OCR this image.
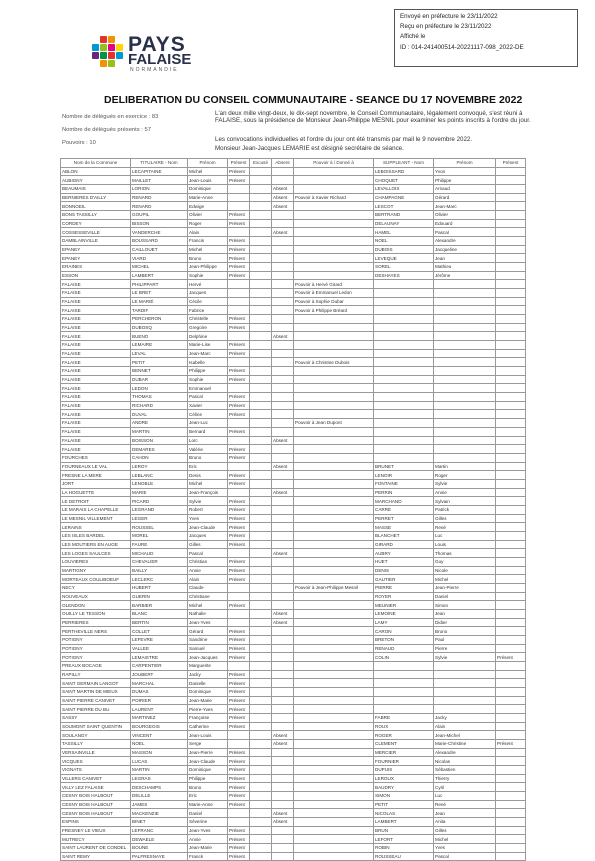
Envoyé en préfecture le 23/11/2022
Reçu en préfecture le 23/11/2022
Affiché le
ID : 014-241400514-20221117-098_2022-DE
PAYS
FALAISE
NORMANDIE
DELIBERATION DU CONSEIL COMMUNAUTAIRE - SEANCE DU 17 NOVEMBRE 2022
Nombre de délégués en exercice : 83
Nombre de délégués présents : 57
Pouvoirs : 10
L'an deux mille vingt-deux, le dix-sept novembre, le Conseil Communautaire, légalement convoqué, s'est réuni à FALAISE, sous la présidence de Monsieur Jean-Philippe MESNIL pour examiner les points inscrits à l'ordre du jour.
Les convocations individuelles et l'ordre du jour ont été transmis par mail le 9 novembre 2022.
Monsieur Jean-Jacques LEMARIE est désigné secrétaire de séance.
Nom de la Commune	TITULAIRE - Nom	Prénom	Présent	Excusé	Absent	Pouvoir à / Donné à	SUPPLEANT - Nom	Prénom	Présent
ABLON	LECAPITAINE	Michel	Présent				LEBOISSARD	Yvon	
AUBIGNY	MAILLET	Jean-Louis	Présent				CHOQUET	Philippe	
BEAUMAIS	LORION	Dominique			Absent		LEVALLOIS	Arnaud	
BERNIERES D'AILLY	RENARD	Marie-Anne			Absent	Pouvoir à Xavier Richard	CHAMPAGNE	Gérard	
BONNOEIL	RENARD	Edwige			Absent		LESCOT	Jean-Marc	
BONS TASSILLY	GOUPIL	Olivier	Présent				BERTRAND	Olivier	
CORDEY	BISSON	Roger	Présent				DELAUNAY	Edouard	
COSSESSEVILLE	VANDERCHE	Alain			Absent		HAMEL	Pascal	
DAMBLAINVILLE	BOUSSARD	Francis	Présent				NOEL	Alexandre	
EPANEY	CAILLOUET	Michel	Présent				DUBOIS	Jacqueline	
EPANEY	VIARD	Bruno	Présent				LEVEQUE	Jean	
ERAINES	MICHEL	Jean-Philippe	Présent				SOREL	Mathieu	
ESSON	LAMBERT	Sophie	Présent				DESHAYES	Jérôme	
FALAISE	PHILIPPART	Hervé				Pouvoir à Hervé Girard			
FALAISE	LE BRET	Jacques				Pouvoir à Emmanuel Ledon			
FALAISE	LE MARIÉ	Cécile				Pouvoir à Sophie Dubar			
FALAISE	TARDIF	Fabrice				Pouvoir à Philippe Bréard			
FALAISE	PERCHERON	Christelle	Présent						
FALAISE	DUBOSQ	Gregoire	Présent						
FALAISE	BUENO	Delphine			Absent				
FALAISE	LEMAIRE	Marie-Lise	Présent						
FALAISE	LEVAL	Jean-Marc	Présent						
FALAISE	PETIT	Isabelle				Pouvoir à Christine Dubois			
FALAISE	BENNET	Philippe	Présent						
FALAISE	DUBAR	Sophie	Présent						
FALAISE	LEDON	Emmanuel							
FALAISE	THOMAS	Pascal	Présent						
FALAISE	RICHARD	Xavier	Présent						
FALAISE	DUVAL	Céline	Présent						
FALAISE	ANDRE	Jean-Luc				Pouvoir à Jean Dupont			
FALAISE	MARTIN	Bernard	Présent						
FALAISE	BOISSON	Loïc			Absent				
FALAISE	DEMARES	Valérie	Présent						
FOURCHES	CAHON	Bruno	Présent						
FOURNEAUX LE VAL	LEROY	Eric			Absent		BRUNET	Martin	
FRESNE LA MERE	LEBLANC	Denis	Présent				LENOIR	Roger	
JORT	LENOBLE	Michel	Présent				FONTAINE	Sylvie	
LA HOGUETTE	MARIE	Jean-François			Absent		PERRIN	Annie	
LE DETROIT	PICARD	Sylvie	Présent				MARCHAND	Sylvain	
LE MARAIS LA CHAPELLE	LEGRAND	Robert	Présent				CARRE	Patrick	
LE MESNIL VILLEMENT	LEGER	Yves	Présent				PERRET	Gilles	
LERAINS	ROUSSEL	Jean-Claude	Présent				MASSE	René	
LES ISLES BARDEL	MOREL	Jacques	Présent				BLANCHET	Luc	
LES MOUTIERS EN AUGE	FAURE	Gilles	Présent				GIRARD	Louis	
LES LOGES SAULCES	MICHAUD	Pascal			Absent		AUBRY	Thomas	
LOUVIERES	CHEVALIER	Christian	Présent				HUET	Guy	
MARTIGNY	BAILLY	Annie	Présent				DENIS	Nicole	
MORTEAUX COULIBOEUF	LECLERC	Alain	Présent				GAUTIER	Michel	
NECY	HUBERT	Claude				Pouvoir à Jean-Philippe Mesnil	PIERRE	Jean-Pierre	
NOUVEAUX	GUERIN	Christiane					ROYER	Daniel	
OLENDON	BARBIER	Michel	Présent				MEUNIER	Simon	
OUILLY LE TESSON	BLANC	Nathalie			Absent		LEMOINE	Jean	
PERRIERES	BERTIN	Jean-Yves			Absent		LAMY	Didier	
PERTHEVILLE NERS	COLLET	Gérard	Présent				CARON	Bruno	
POTIGNY	LEFEVRE	Sandrine	Présent				BRETON	Paul	
POTIGNY	VALLEE	Samuel	Présent				RENAUD	Pierre	
POTIGNY	LEMAISTRE	Jean-Jacques	Présent				COLIN	Sylvie	Présent
PREAUX BOCAGE	CARPENTIER	Marguerite							
RAPILLY	JOUBERT	Jacky	Présent						
SAINT GERMAIN LANGOT	MARCHAL	Danielle	Présent						
SAINT MARTIN DE MIEUX	DUMAS	Dominique	Présent						
SAINT PIERRE CANIVET	POIRIER	Jean-Marie	Présent						
SAINT PIERRE DU BU	LAURENT	Pierre-Yves	Présent						
SASSY	MARTINEZ	Françoise	Présent				FABRE	Jacky	
SOUMONT SAINT QUENTIN	BOURGEOIS	Catherine	Présent				ROUX	Alain	
SOULANGY	VINCENT	Jean-Louis			Absent		ROGER	Jean-Michel	
TASSILLY	NOEL	Serge			Absent		CLEMENT	Marie-Christine	Présent
VERSAINVILLE	MASSON	Jean-Pierre	Présent				MERCIER	Alexandre	
VICQUES	LUCAS	Jean-Claude	Présent				FOURNIER	Nicolas	
VIGNATS	MARTIN	Dominique	Présent				DUPUIS	Sébastien	
VILLERS CANIVET	LEGRAS	Philippe	Présent				LEROUX	Thierry	
VILLY LEZ FALAISE	DESCHAMPS	Bruno	Présent				BAUDRY	Cyril	
CESNY BOIS HALBOUT	DELILLE	Eric	Présent				SIMON	Luc	
CESNY BOIS HALBOUT	JAMES	Marie-Anne	Présent				PETIT	René	
CESNY BOIS HALBOUT	MACKENZIE	Daniel			Absent		NICOLAS	Jean	
ESPINS	BINET	Séverine			Absent		LAMBERT	Anita	
FRESNEY LE VIEUX	LEFRANC	Jean-Yves	Présent				BRUN	Gilles	
MUTRECY	DEWAELE	Annie	Présent				LEFORT	Michel	
SAINT LAURENT DE CONDEL	BOUNE	Jean-Marie	Présent				ROBIN	Yves	
SAINT REMY	PALFRESNAYE	Franck	Présent				ROUSSEAU	Pascal	
